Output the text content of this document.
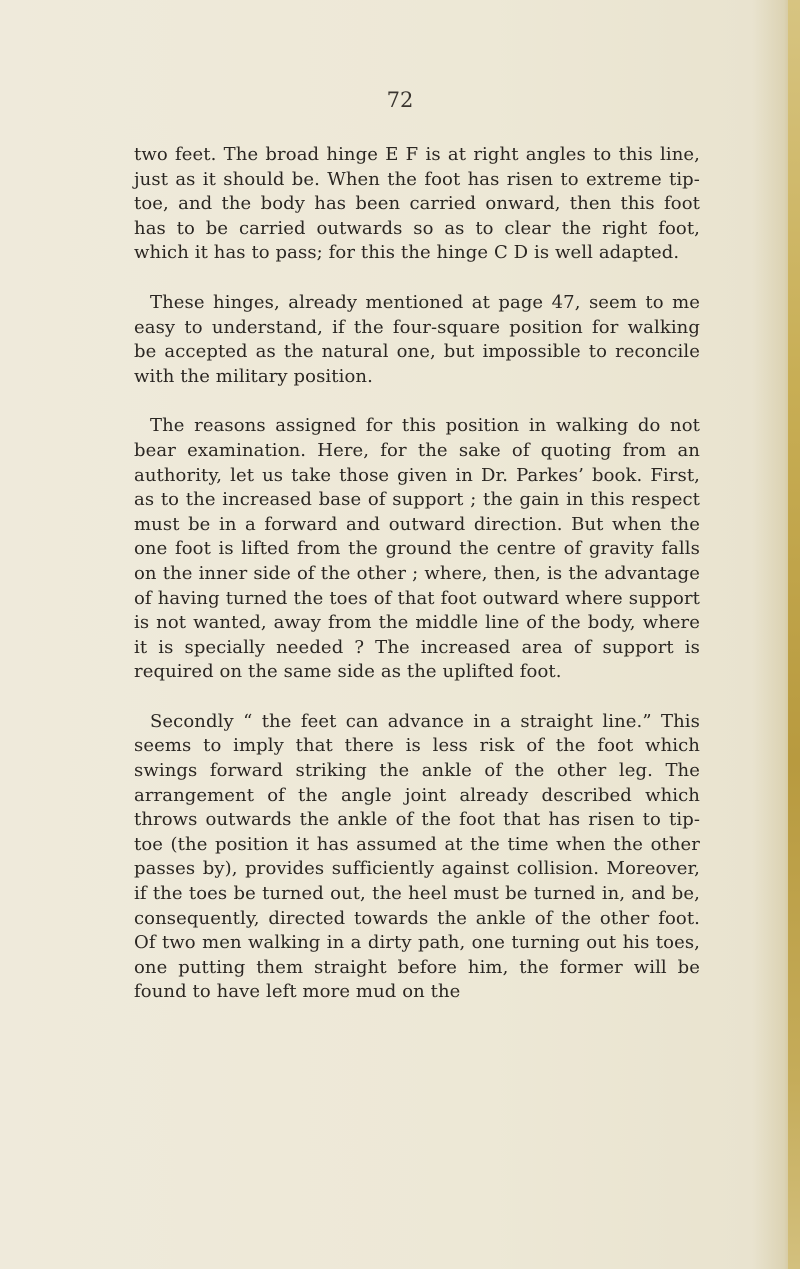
72

two feet. The broad hinge E F is at right angles to this line, just as it should be. When the foot has risen to extreme tip-toe, and the body has been carried onward, then this foot has to be carried outwards so as to clear the right foot, which it has to pass; for this the hinge C D is well adapted.

These hinges, already mentioned at page 47, seem to me easy to understand, if the four-square position for walking be accepted as the natural one, but impossible to reconcile with the military position.

The reasons assigned for this position in walking do not bear examination. Here, for the sake of quoting from an authority, let us take those given in Dr. Parkes’ book. First, as to the increased base of support ; the gain in this respect must be in a forward and outward direction. But when the one foot is lifted from the ground the centre of gravity falls on the inner side of the other ; where, then, is the advantage of having turned the toes of that foot outward where support is not wanted, away from the middle line of the body, where it is specially needed ? The increased area of support is required on the same side as the uplifted foot.

Secondly “ the feet can advance in a straight line.” This seems to imply that there is less risk of the foot which swings forward striking the ankle of the other leg. The arrangement of the angle joint already described which throws outwards the ankle of the foot that has risen to tip-toe (the position it has assumed at the time when the other passes by), provides sufficiently against collision. Moreover, if the toes be turned out, the heel must be turned in, and be, consequently, directed towards the ankle of the other foot. Of two men walking in a dirty path, one turning out his toes, one putting them straight before him, the former will be found to have left more mud on the
